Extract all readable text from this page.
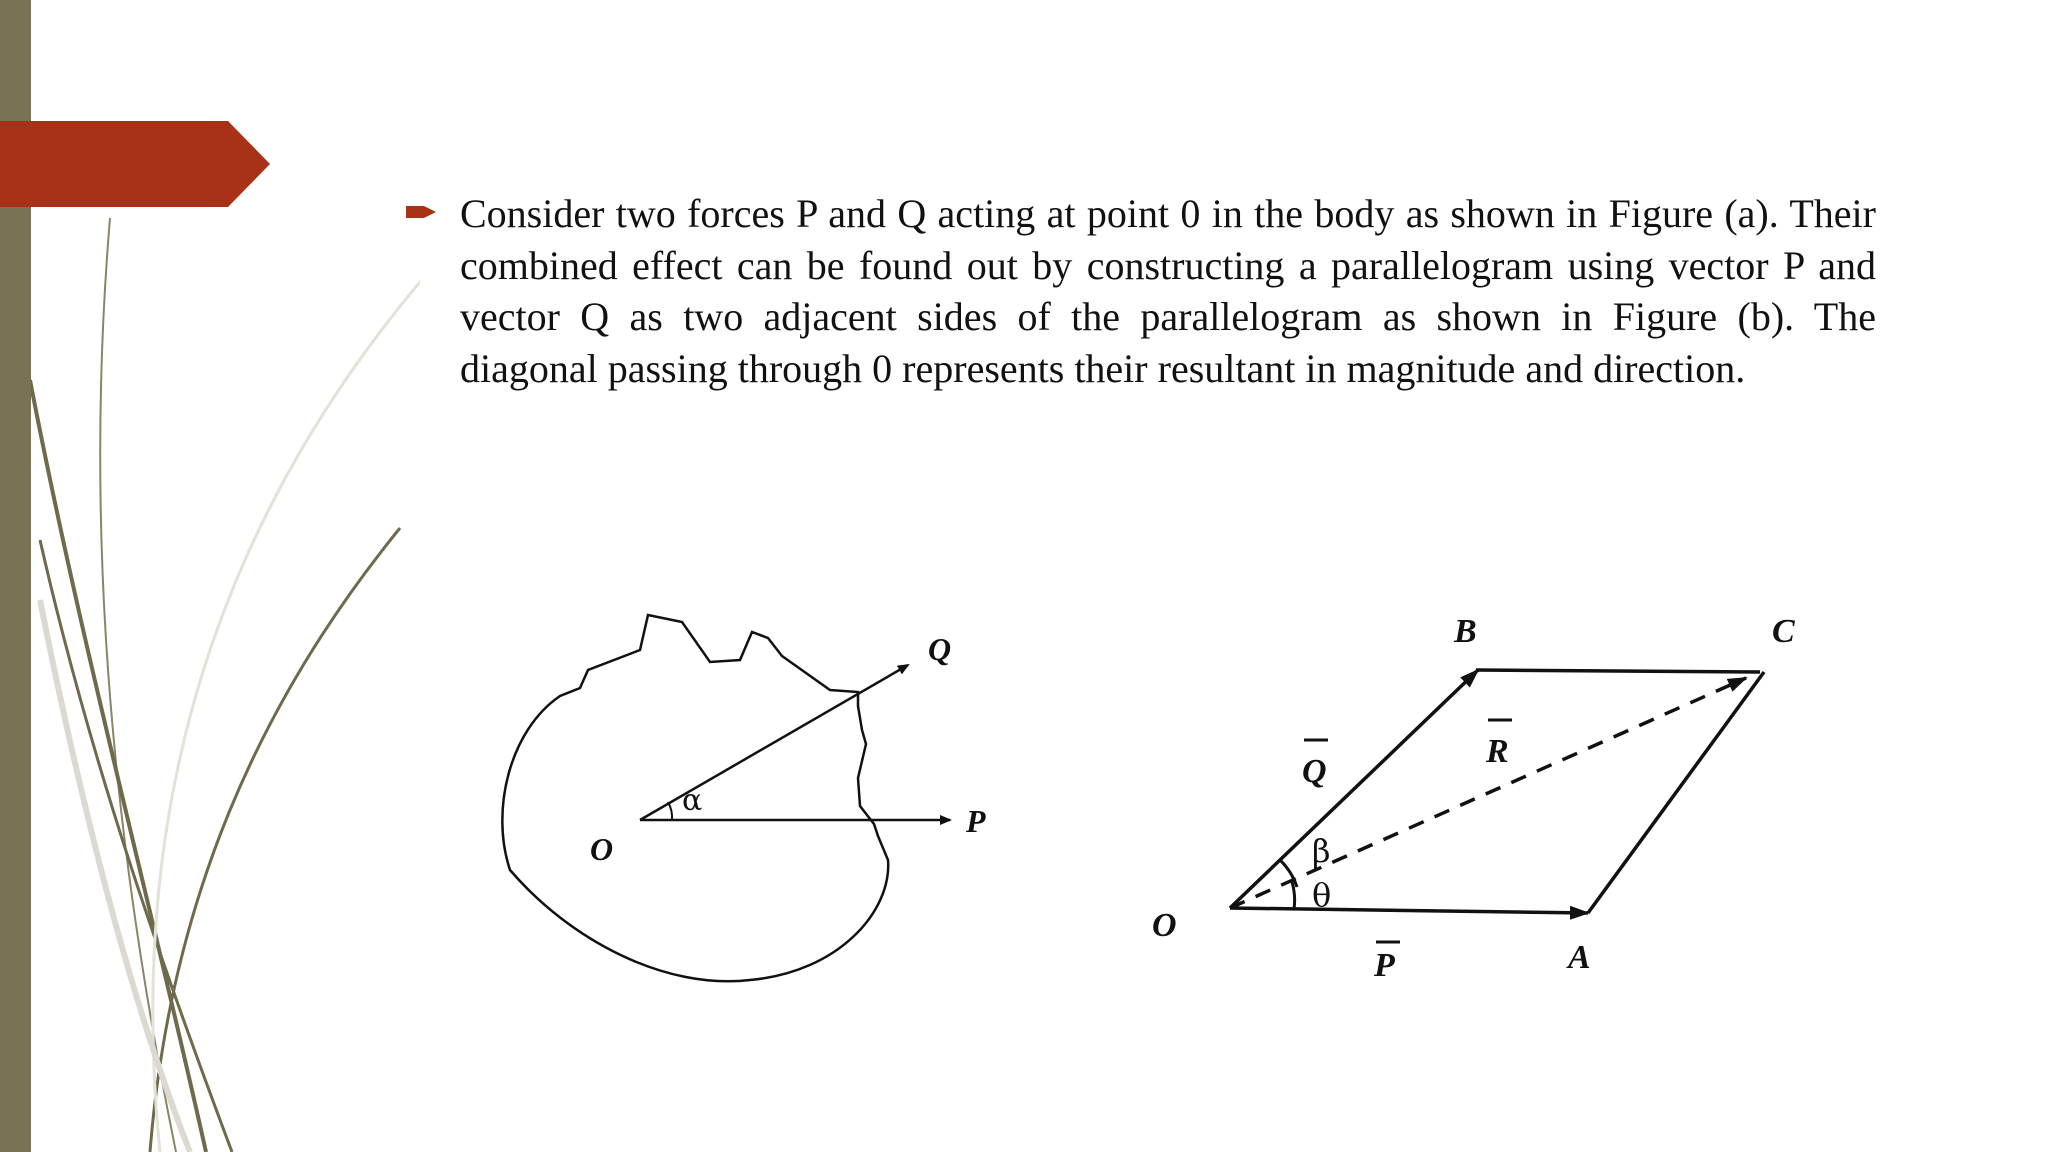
Consider two forces P and Q acting at point 0 in the body as shown in Figure (a). Their combined effect can be found out by constructing a parallelogram using vector P and vector Q as two adjacent sides of the parallelogram as shown in Figure (b). The diagonal passing through 0 represents their resultant in magnitude and direction.
O
Q
P
α
O
A
B	C
P
Q
R
β
θ
